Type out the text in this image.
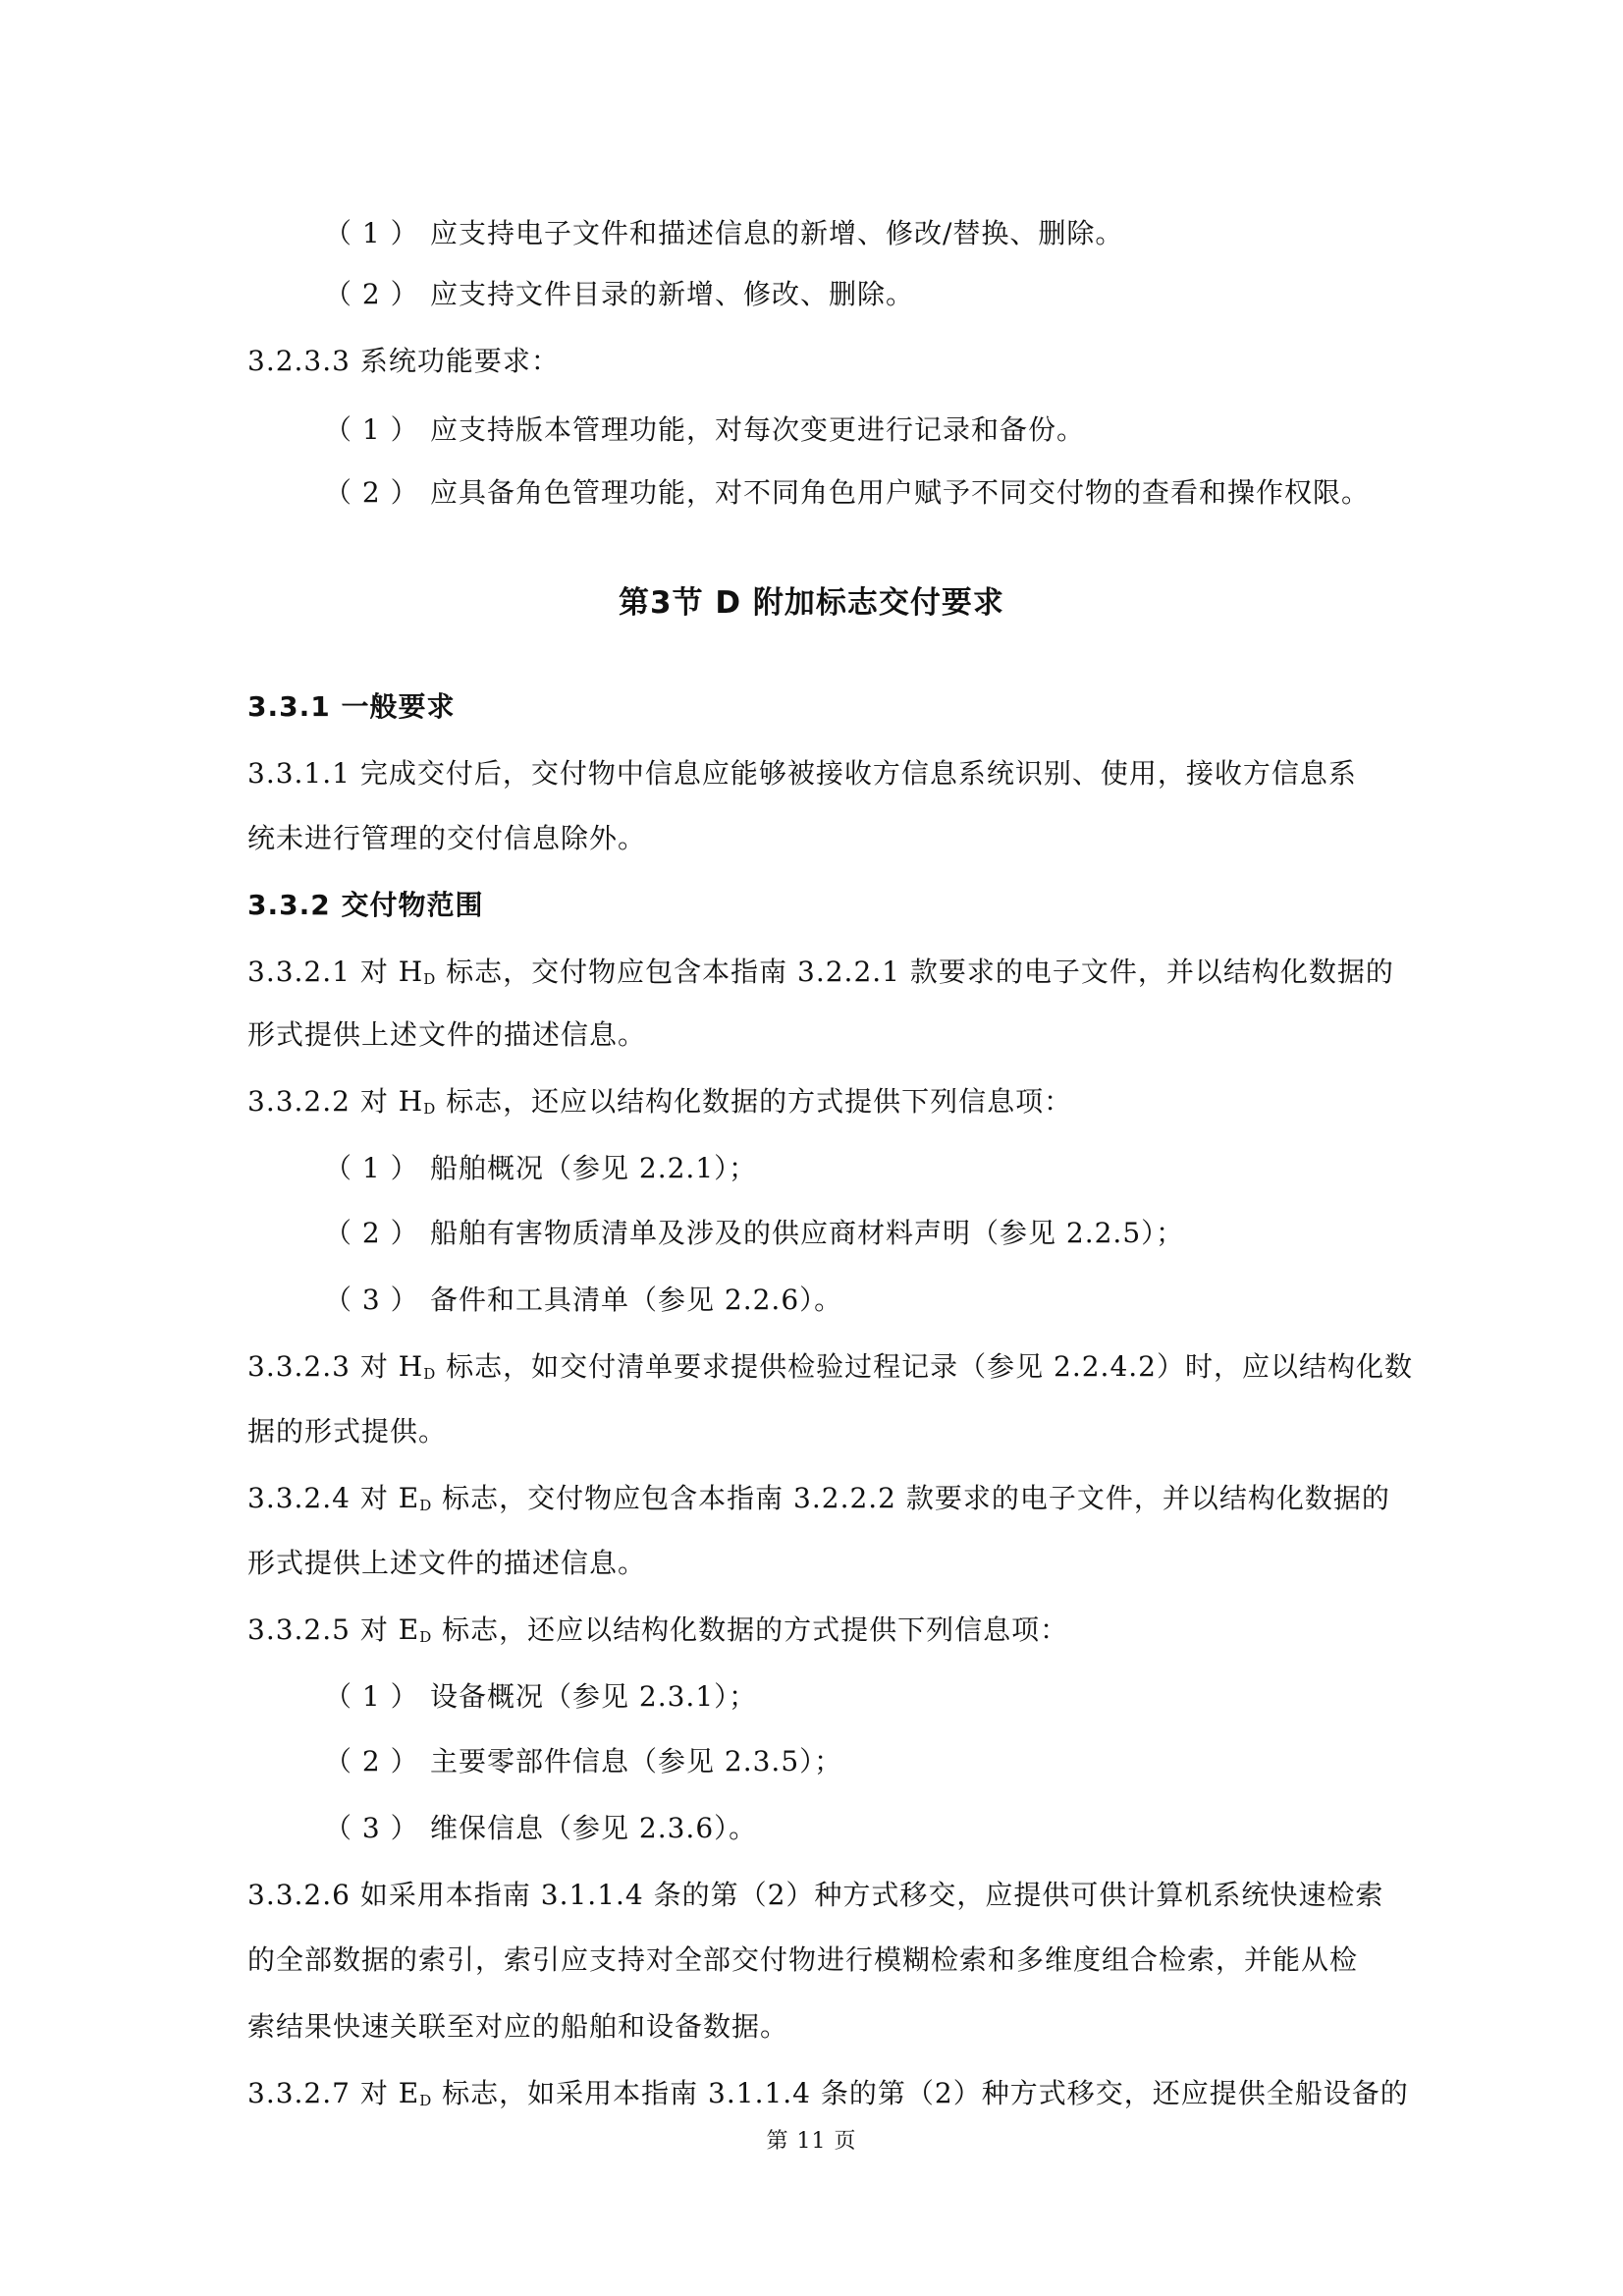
（ 1 ） 应支持电子文件和描述信息的新增、修改/替换、删除。
（ 2 ） 应支持文件目录的新增、修改、删除。
3.2.3.3 系统功能要求：
（ 1 ） 应支持版本管理功能，对每次变更进行记录和备份。
（ 2 ） 应具备角色管理功能，对不同角色用户赋予不同交付物的查看和操作权限。
第3节 D 附加标志交付要求
3.3.1 一般要求
3.3.1.1 完成交付后，交付物中信息应能够被接收方信息系统识别、使用，接收方信息系
统未进行管理的交付信息除外。
3.3.2 交付物范围
3.3.2.1 对 $H_D$ 标志，交付物应包含本指南 3.2.2.1 款要求的电子文件，并以结构化数据的
形式提供上述文件的描述信息。
3.3.2.2 对 $H_D$ 标志，还应以结构化数据的方式提供下列信息项：
（ 1 ） 船舶概况（参见 2.2.1）；
（ 2 ） 船舶有害物质清单及涉及的供应商材料声明（参见 2.2.5）；
（ 3 ） 备件和工具清单（参见 2.2.6）。
3.3.2.3 对 $H_D$ 标志，如交付清单要求提供检验过程记录（参见 2.2.4.2）时，应以结构化数
据的形式提供。
3.3.2.4 对 $E_D$ 标志，交付物应包含本指南 3.2.2.2 款要求的电子文件，并以结构化数据的
形式提供上述文件的描述信息。
3.3.2.5 对 $E_D$ 标志，还应以结构化数据的方式提供下列信息项：
（ 1 ） 设备概况（参见 2.3.1）；
（ 2 ） 主要零部件信息（参见 2.3.5）；
（ 3 ） 维保信息（参见 2.3.6）。
3.3.2.6 如采用本指南 3.1.1.4 条的第（2）种方式移交，应提供可供计算机系统快速检索
的全部数据的索引，索引应支持对全部交付物进行模糊检索和多维度组合检索，并能从检
索结果快速关联至对应的船舶和设备数据。
3.3.2.7 对 $E_D$ 标志，如采用本指南 3.1.1.4 条的第（2）种方式移交，还应提供全船设备的
第 11 页
